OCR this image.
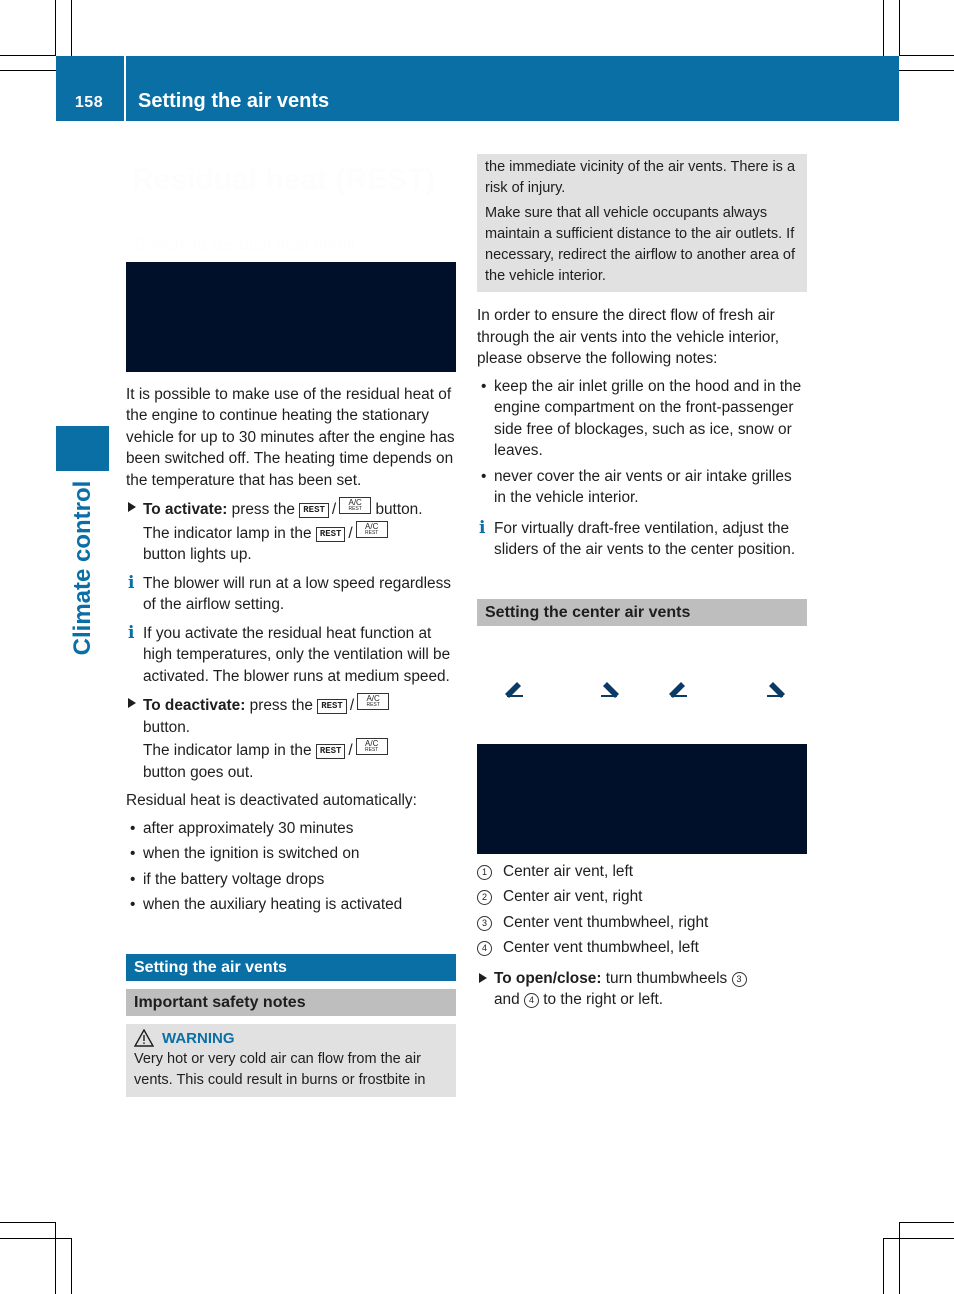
158	Setting the air vents
Climate control
Residual heat (REST)
Switching residual heat on/off

It is possible to make use of the residual heat of the engine to continue heating the stationary vehicle for up to 30 minutes after the engine has been switched off. The heating time depends on the temperature that has been set.

To activate: press the REST /	A/C
REST button.
The indicator lamp in the REST /	A/C
REST

button lights up.
i The blower will run at a low speed regardless of the airflow setting.
i If you activate the residual heat function at high temperatures, only the ventilation will be activated. The blower runs at medium speed.
To deactivate: press the REST /	A/C
REST

button.
The indicator lamp in the REST /	A/C
REST

button goes out.

Residual heat is deactivated automatically:

• after approximately 30 minutes
• when the ignition is switched on
• if the battery voltage drops
• when the auxiliary heating is activated
Setting the air vents
Important safety notes
WARNING
Very hot or very cold air can flow from the air vents. This could result in burns or frostbite in

the immediate vicinity of the air vents. There is a risk of injury.

Make sure that all vehicle occupants always maintain a sufficient distance to the air outlets. If necessary, redirect the airflow to another area of the vehicle interior.

In order to ensure the direct flow of fresh air through the air vents into the vehicle interior, please observe the following notes:

• keep the air inlet grille on the hood and in the engine compartment on the front-passenger side free of blockages, such as ice, snow or leaves.
• never cover the air vents or air intake grilles in the vehicle interior.
i For virtually draft-free ventilation, adjust the sliders of the air vents to the center position.
Setting the center air vents
1	Center air vent, left
2	Center air vent, right
3	Center vent thumbwheel, right
4	Center vent thumbwheel, left
To open/close: turn thumbwheels 3
and 4 to the right or left.
